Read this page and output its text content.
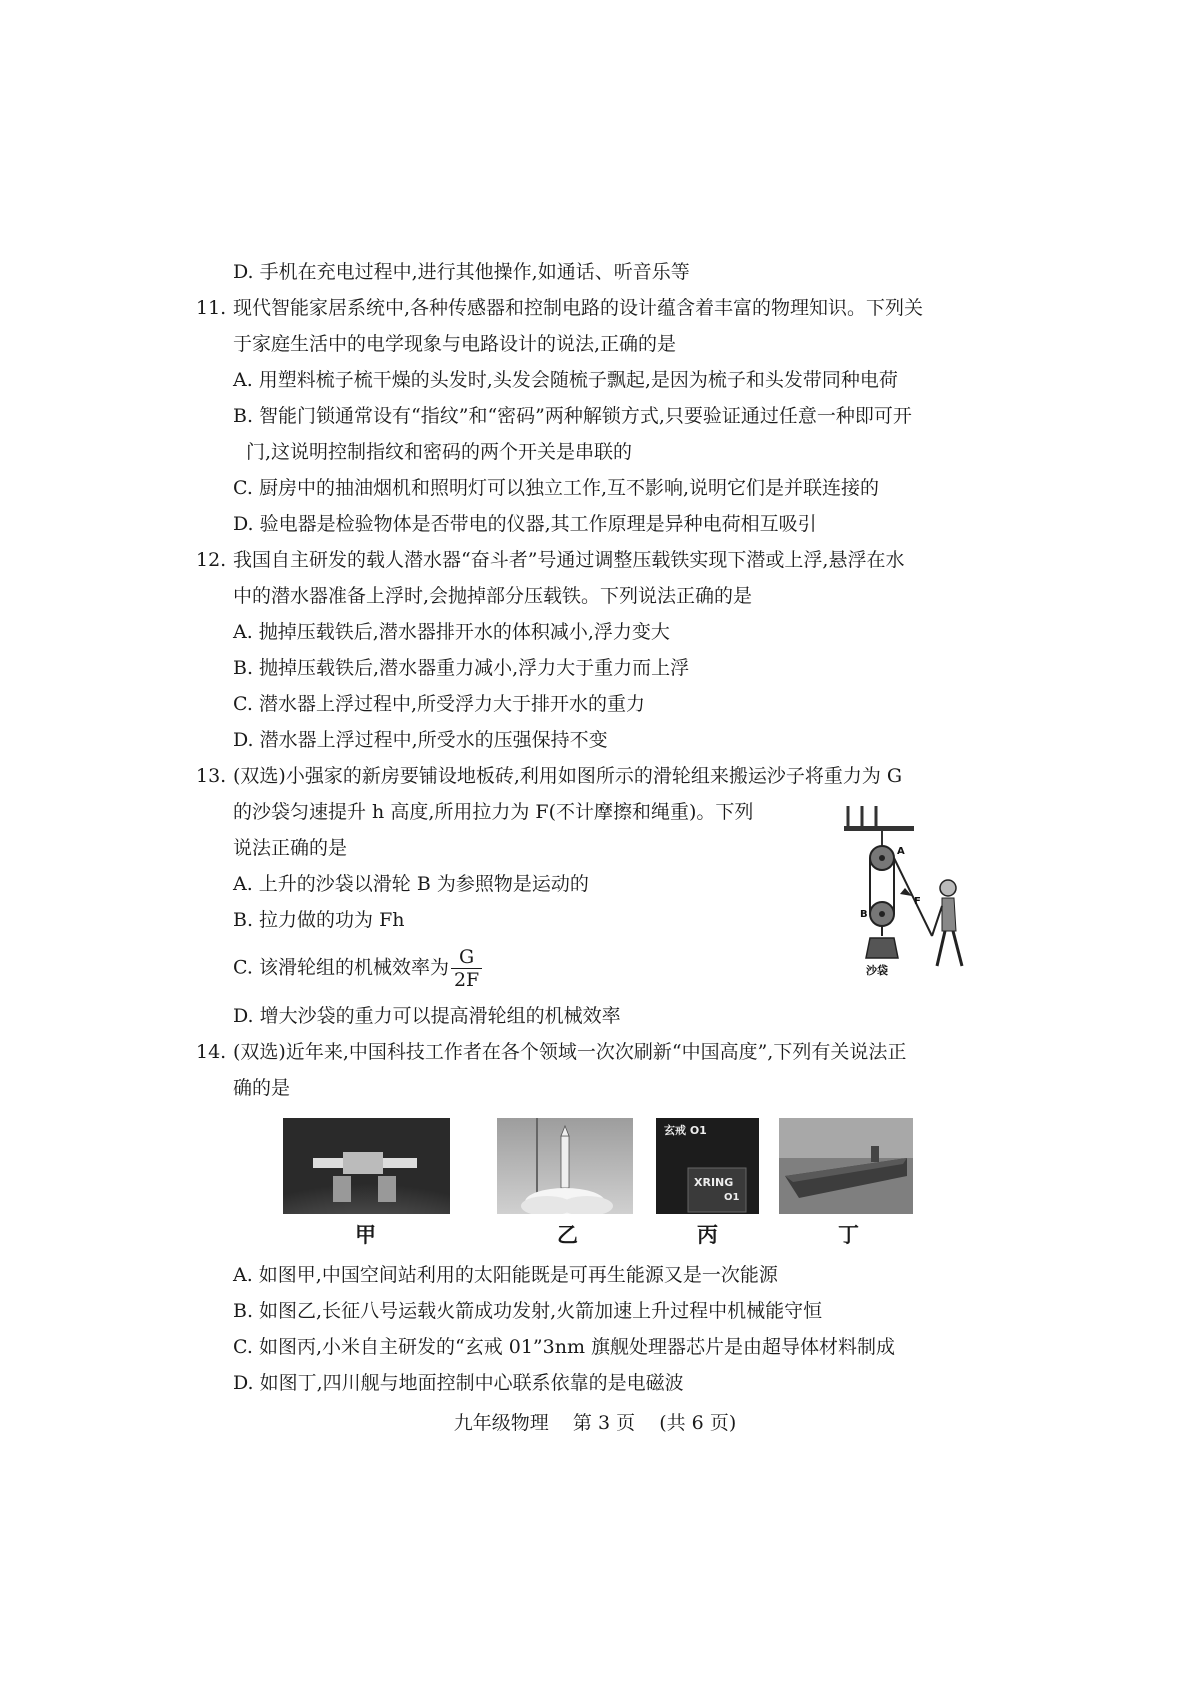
D. 手机在充电过程中,进行其他操作,如通话、听音乐等
11. 现代智能家居系统中,各种传感器和控制电路的设计蕴含着丰富的物理知识。下列关
于家庭生活中的电学现象与电路设计的说法,正确的是
A. 用塑料梳子梳干燥的头发时,头发会随梳子飘起,是因为梳子和头发带同种电荷
B. 智能门锁通常设有“指纹”和“密码”两种解锁方式,只要验证通过任意一种即可开
门,这说明控制指纹和密码的两个开关是串联的
C. 厨房中的抽油烟机和照明灯可以独立工作,互不影响,说明它们是并联连接的
D. 验电器是检验物体是否带电的仪器,其工作原理是异种电荷相互吸引
12. 我国自主研发的载人潜水器“奋斗者”号通过调整压载铁实现下潜或上浮,悬浮在水
中的潜水器准备上浮时,会抛掉部分压载铁。下列说法正确的是
A. 抛掉压载铁后,潜水器排开水的体积减小,浮力变大
B. 抛掉压载铁后,潜水器重力减小,浮力大于重力而上浮
C. 潜水器上浮过程中,所受浮力大于排开水的重力
D. 潜水器上浮过程中,所受水的压强保持不变
13. (双选)小强家的新房要铺设地板砖,利用如图所示的滑轮组来搬运沙子将重力为 G
的沙袋匀速提升 h 高度,所用拉力为 F(不计摩擦和绳重)。下列
说法正确的是
A. 上升的沙袋以滑轮 B 为参照物是运动的
B. 拉力做的功为 Fh
C. 该滑轮组的机械效率为 $\frac{G}{2F}$
D. 增大沙袋的重力可以提高滑轮组的机械效率
A
F
B
沙袋
14. (双选)近年来,中国科技工作者在各个领域一次次刷新“中国高度”,下列有关说法正
确的是
甲	乙
玄戒 O1
XRING
O1
丙	丁
A. 如图甲,中国空间站利用的太阳能既是可再生能源又是一次能源
B. 如图乙,长征八号运载火箭成功发射,火箭加速上升过程中机械能守恒
C. 如图丙,小米自主研发的“玄戒 01”3nm 旗舰处理器芯片是由超导体材料制成
D. 如图丁,四川舰与地面控制中心联系依靠的是电磁波
九年级物理    第 3 页    (共 6 页)
